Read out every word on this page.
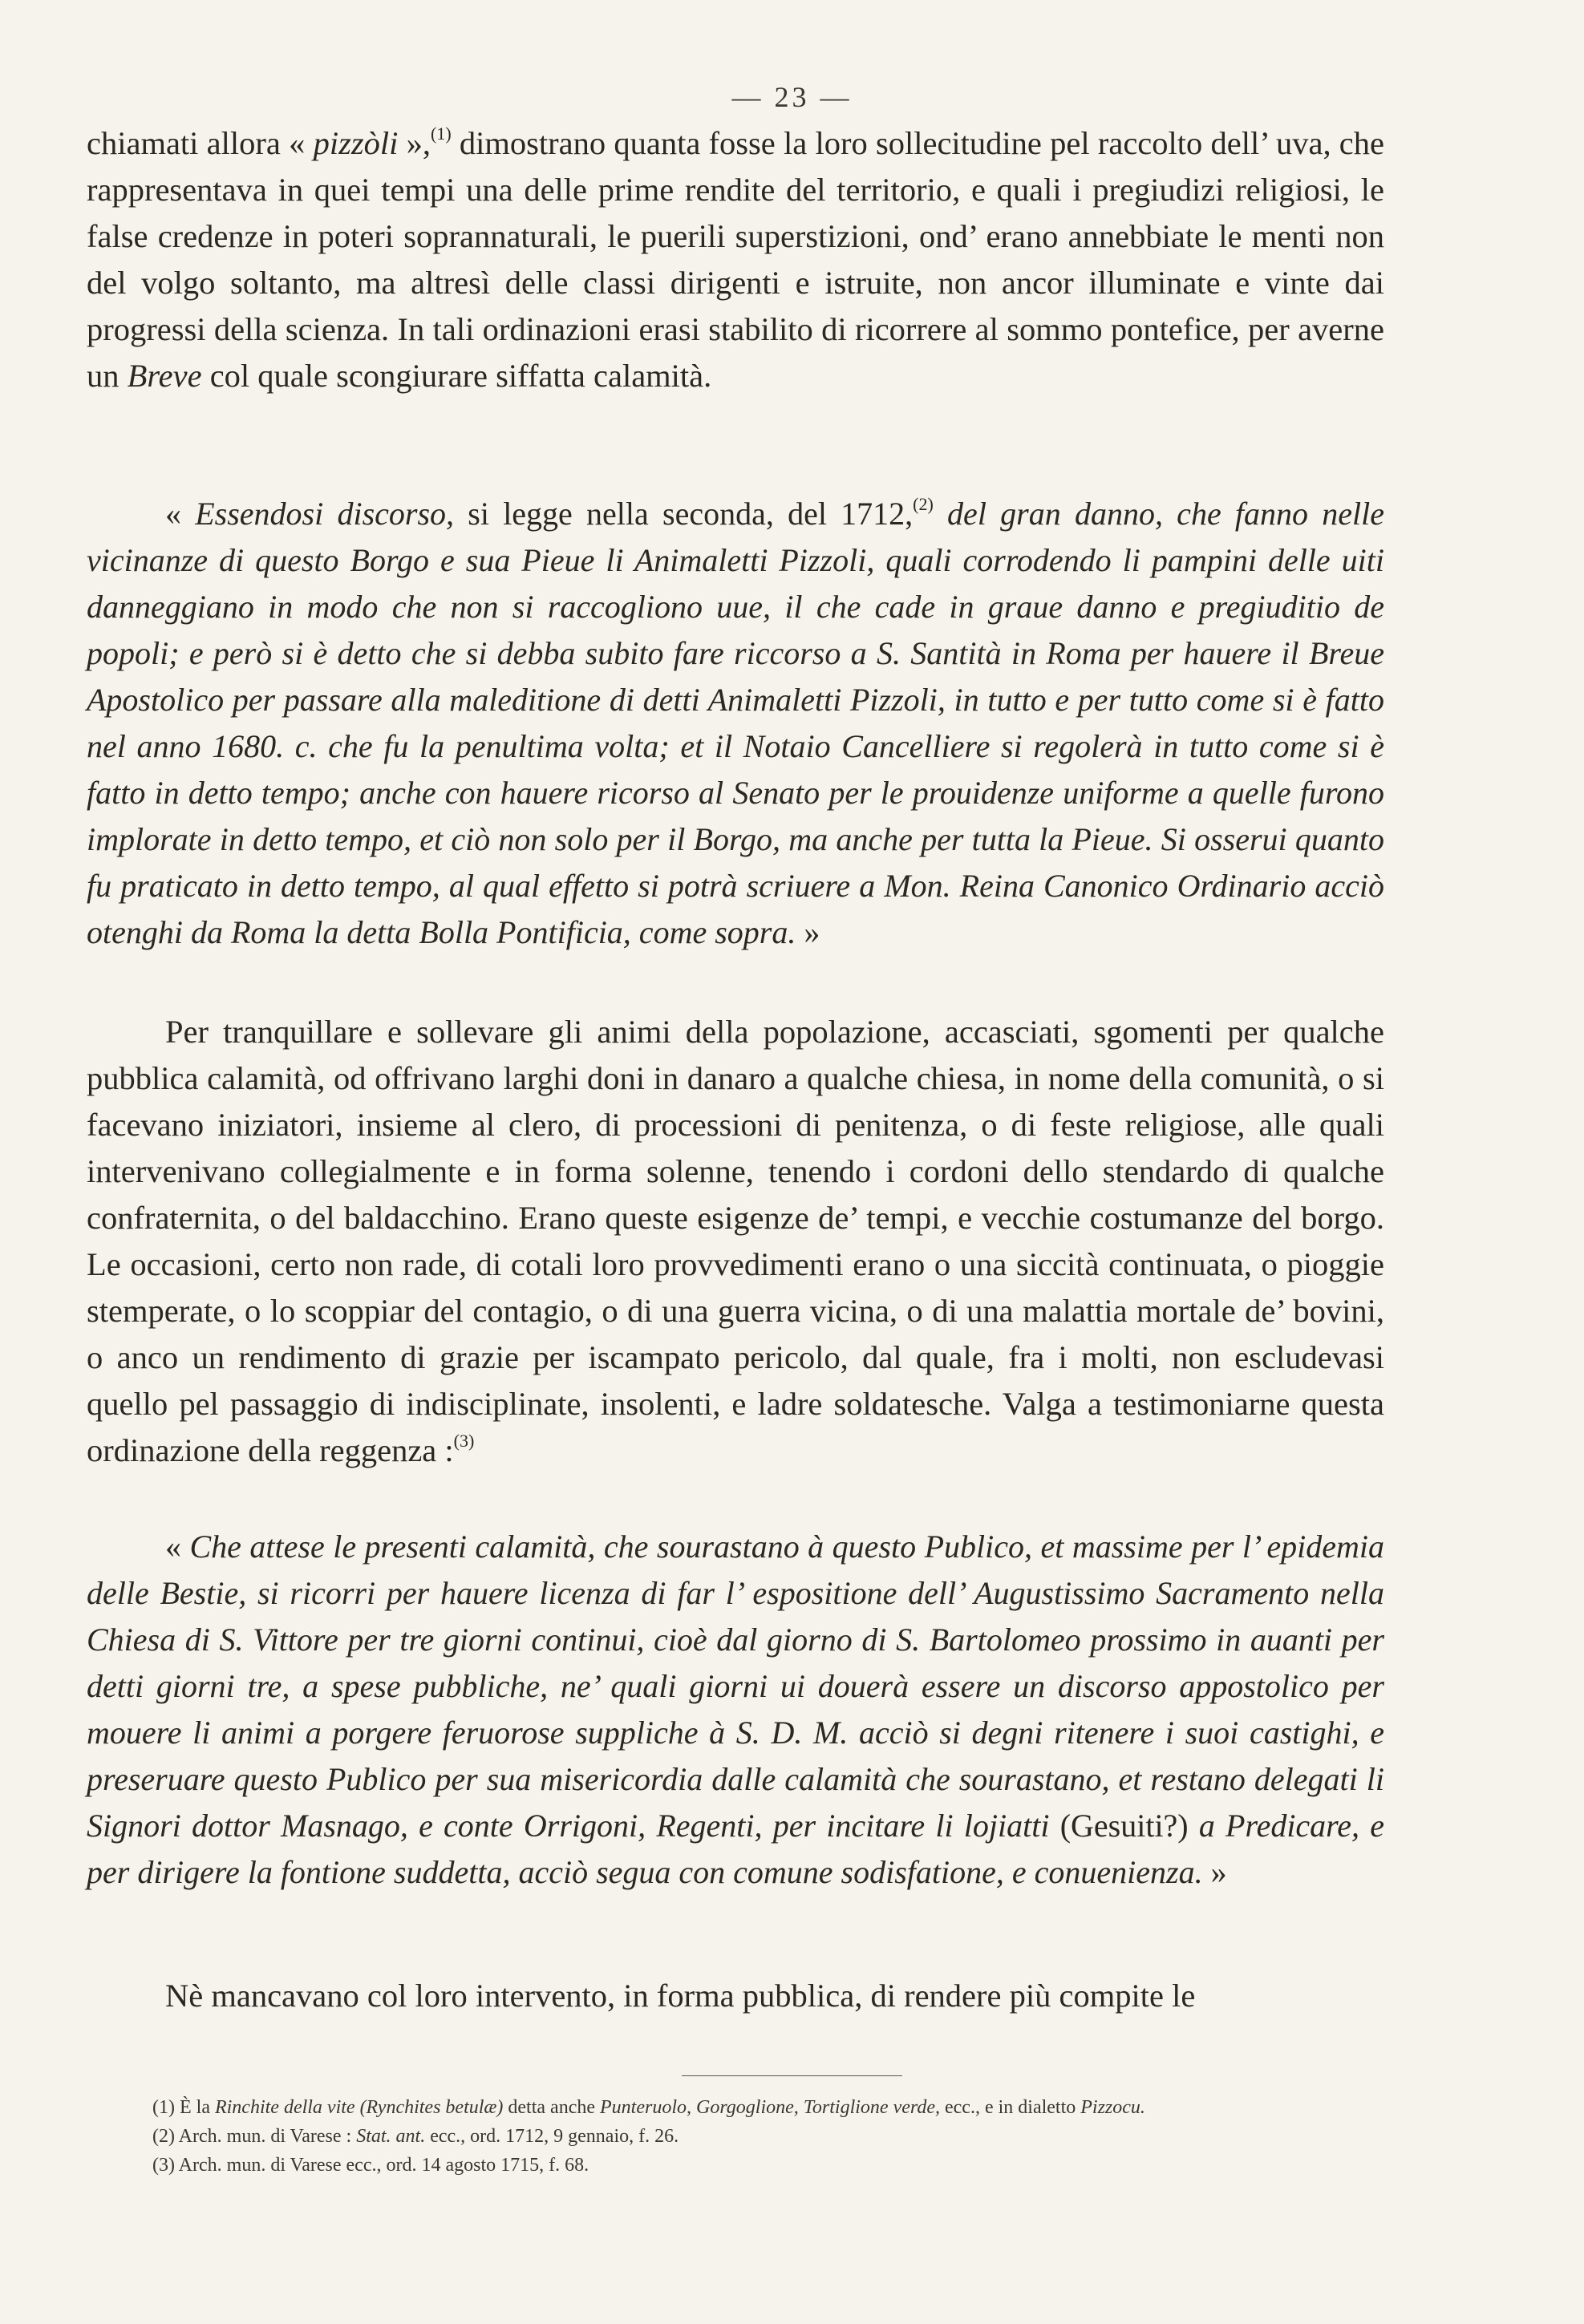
— 23 —

chiamati allora « pizzòli »,$^{(1)}$ dimostrano quanta fosse la loro sollecitudine pel raccolto dell’ uva, che rappresentava in quei tempi una delle prime rendite del territorio, e quali i pregiudizi religiosi, le false credenze in poteri soprannaturali, le puerili superstizioni, ond’ erano annebbiate le menti non del volgo soltanto, ma altresì delle classi dirigenti e istruite, non ancor illuminate e vinte dai progressi della scienza. In tali ordinazioni erasi stabilito di ricorrere al sommo pontefice, per averne un Breve col quale scongiurare siffatta calamità.

« Essendosi discorso, si legge nella seconda, del 1712,$^{(2)}$ del gran danno, che fanno nelle vicinanze di questo Borgo e sua Pieue li Animaletti Pizzoli, quali corrodendo li pampini delle uiti danneggiano in modo che non si raccogliono uue, il che cade in graue danno e pregiuditio de popoli; e però si è detto che si debba subito fare riccorso a S. Santità in Roma per hauere il Breue Apostolico per passare alla maleditione di detti Animaletti Pizzoli, in tutto e per tutto come si è fatto nel anno 1680. c. che fu la penultima volta; et il Notaio Cancelliere si regolerà in tutto come si è fatto in detto tempo; anche con hauere ricorso al Senato per le prouidenze uniforme a quelle furono implorate in detto tempo, et ciò non solo per il Borgo, ma anche per tutta la Pieue. Si osserui quanto fu praticato in detto tempo, al qual effetto si potrà scriuere a Mon. Reina Canonico Ordinario acciò otenghi da Roma la detta Bolla Pontificia, come sopra. »

Per tranquillare e sollevare gli animi della popolazione, accasciati, sgomenti per qualche pubblica calamità, od offrivano larghi doni in danaro a qualche chiesa, in nome della comunità, o si facevano iniziatori, insieme al clero, di processioni di penitenza, o di feste religiose, alle quali intervenivano collegialmente e in forma solenne, tenendo i cordoni dello stendardo di qualche confraternita, o del baldacchino. Erano queste esigenze de’ tempi, e vecchie costumanze del borgo. Le occasioni, certo non rade, di cotali loro provvedimenti erano o una siccità continuata, o pioggie stemperate, o lo scoppiar del contagio, o di una guerra vicina, o di una malattia mortale de’ bovini, o anco un rendimento di grazie per iscampato pericolo, dal quale, fra i molti, non escludevasi quello pel passaggio di indisciplinate, insolenti, e ladre soldatesche. Valga a testimoniarne questa ordinazione della reggenza :$^{(3)}$

« Che attese le presenti calamità, che sourastano à questo Publico, et massime per l’ epidemia delle Bestie, si ricorri per hauere licenza di far l’ espositione dell’ Augustissimo Sacramento nella Chiesa di S. Vittore per tre giorni continui, cioè dal giorno di S. Bartolomeo prossimo in auanti per detti giorni tre, a spese pubbliche, ne’ quali giorni ui douerà essere un discorso appostolico per mouere li animi a porgere feruorose suppliche à S. D. M. acciò si degni ritenere i suoi castighi, e preseruare questo Publico per sua misericordia dalle calamità che sourastano, et restano delegati li Signori dottor Masnago, e conte Orrigoni, Regenti, per incitare li lojiatti (Gesuiti?) a Predicare, e per dirigere la fontione suddetta, acciò segua con comune sodisfatione, e conuenienza. »

Nè mancavano col loro intervento, in forma pubblica, di rendere più compite le

(1) È la Rinchite della vite (Rynchites betulæ) detta anche Punteruolo, Gorgoglione, Tortiglione verde, ecc., e in dialetto Pizzocu.

(2) Arch. mun. di Varese : Stat. ant. ecc., ord. 1712, 9 gennaio, f. 26.

(3) Arch. mun. di Varese ecc., ord. 14 agosto 1715, f. 68.
